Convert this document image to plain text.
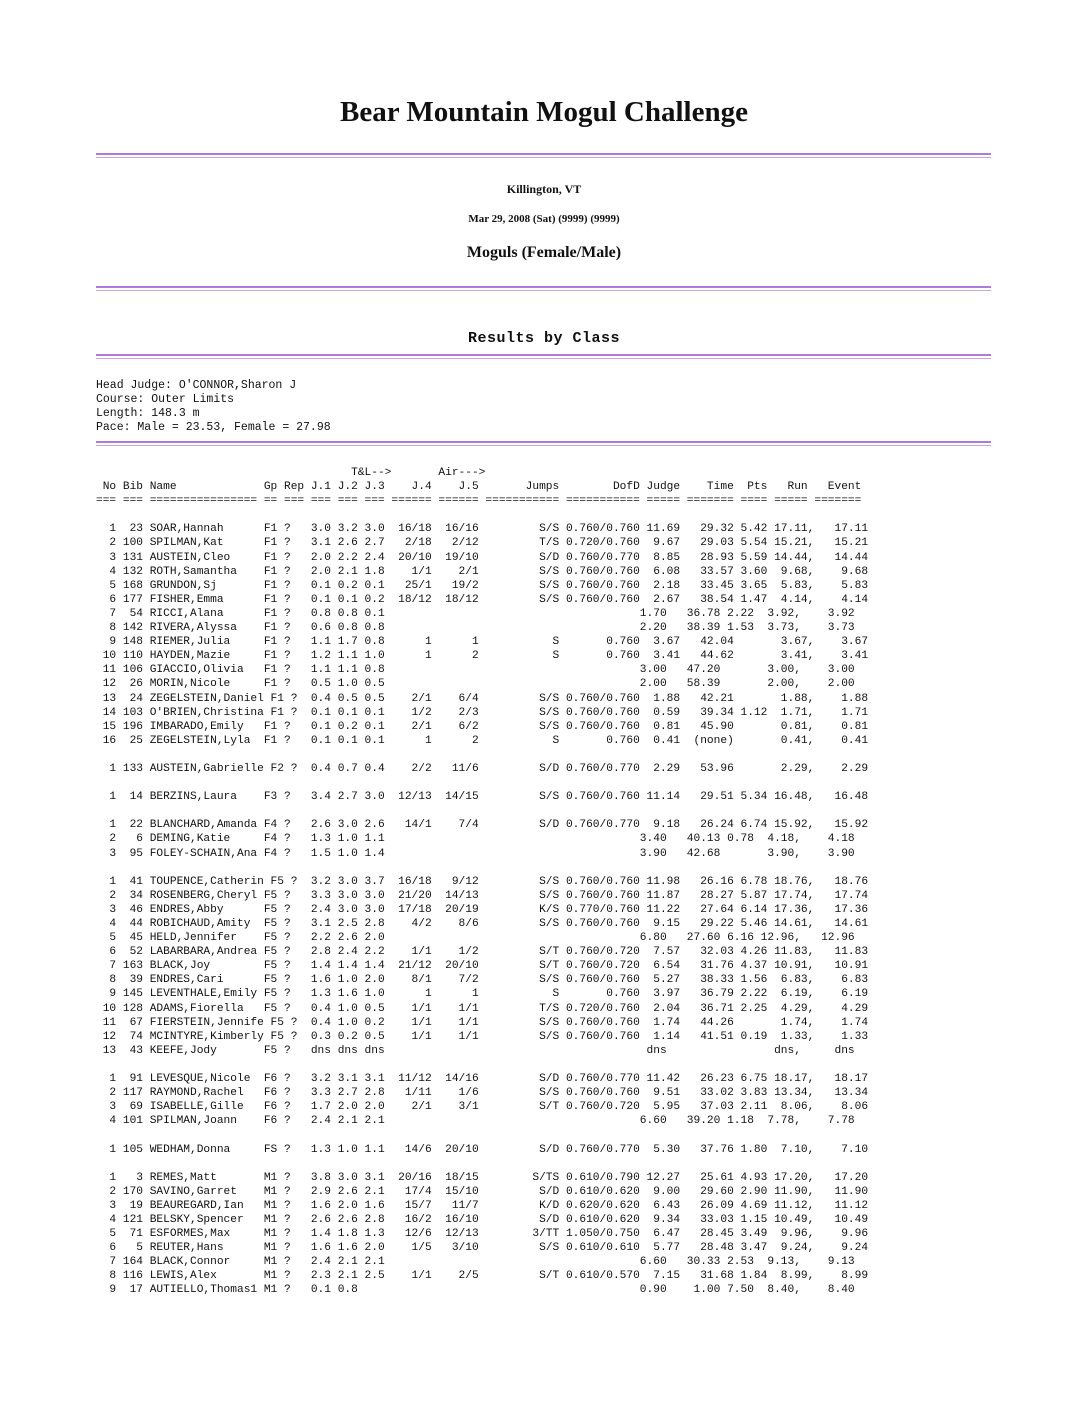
Bear Mountain Mogul Challenge
Killington, VT
Mar 29, 2008 (Sat) (9999) (9999)
Moguls (Female/Male)
Results by Class
Head Judge: O'CONNOR,Sharon J
Course: Outer Limits
Length: 148.3 m
Pace: Male = 23.53, Female = 27.98
T&L-->       Air--->
No Bib Name             Gp Rep J.1 J.2 J.3    J.4    J.5       Jumps        DofD Judge    Time  Pts   Run   Event
=== === ================ == === === === === ====== ====== =========== =========== ===== ======= ==== ===== =======
1  23 SOAR,Hannah      F1 ?   3.0 3.2 3.0  16/18  16/16         S/S 0.760/0.760 11.69   29.32 5.42 17.11,   17.11
2 100 SPILMAN,Kat      F1 ?   3.1 2.6 2.7   2/18   2/12         T/S 0.720/0.760  9.67   29.03 5.54 15.21,   15.21
3 131 AUSTEIN,Cleo     F1 ?   2.0 2.2 2.4  20/10  19/10         S/D 0.760/0.770  8.85   28.93 5.59 14.44,   14.44
4 132 ROTH,Samantha    F1 ?   2.0 2.1 1.8    1/1    2/1         S/S 0.760/0.760  6.08   33.57 3.60  9.68,    9.68
5 168 GRUNDON,Sj       F1 ?   0.1 0.2 0.1   25/1   19/2         S/S 0.760/0.760  2.18   33.45 3.65  5.83,    5.83
6 177 FISHER,Emma      F1 ?   0.1 0.1 0.2  18/12  18/12         S/S 0.760/0.760  2.67   38.54 1.47  4.14,    4.14
7  54 RICCI,Alana      F1 ?   0.8 0.8 0.1                                      1.70   36.78 2.22  3.92,    3.92
8 142 RIVERA,Alyssa    F1 ?   0.6 0.8 0.8                                      2.20   38.39 1.53  3.73,    3.73
9 148 RIEMER,Julia     F1 ?   1.1 1.7 0.8      1      1           S       0.760  3.67   42.04       3.67,    3.67
10 110 HAYDEN,Mazie     F1 ?   1.2 1.1 1.0      1      2           S       0.760  3.41   44.62       3.41,    3.41
11 106 GIACCIO,Olivia   F1 ?   1.1 1.1 0.8                                      3.00   47.20       3.00,    3.00
12  26 MORIN,Nicole     F1 ?   0.5 1.0 0.5                                      2.00   58.39       2.00,    2.00
13  24 ZEGELSTEIN,Daniel F1 ?  0.4 0.5 0.5    2/1    6/4         S/S 0.760/0.760  1.88   42.21       1.88,    1.88
14 103 O'BRIEN,Christina F1 ?  0.1 0.1 0.1    1/2    2/3         S/S 0.760/0.760  0.59   39.34 1.12  1.71,    1.71
15 196 IMBARADO,Emily   F1 ?   0.1 0.2 0.1    2/1    6/2         S/S 0.760/0.760  0.81   45.90       0.81,    0.81
16  25 ZEGELSTEIN,Lyla  F1 ?   0.1 0.1 0.1      1      2           S       0.760  0.41  (none)       0.41,    0.41
1 133 AUSTEIN,Gabrielle F2 ?  0.4 0.7 0.4    2/2   11/6         S/D 0.760/0.770  2.29   53.96       2.29,    2.29
1  14 BERZINS,Laura    F3 ?   3.4 2.7 3.0  12/13  14/15         S/S 0.760/0.760 11.14   29.51 5.34 16.48,   16.48
1  22 BLANCHARD,Amanda F4 ?   2.6 3.0 2.6   14/1    7/4         S/D 0.760/0.770  9.18   26.24 6.74 15.92,   15.92
2   6 DEMING,Katie     F4 ?   1.3 1.0 1.1                                      3.40   40.13 0.78  4.18,    4.18
3  95 FOLEY-SCHAIN,Ana F4 ?   1.5 1.0 1.4                                      3.90   42.68       3.90,    3.90
1  41 TOUPENCE,Catherin F5 ?  3.2 3.0 3.7  16/18   9/12         S/S 0.760/0.760 11.98   26.16 6.78 18.76,   18.76
2  34 ROSENBERG,Cheryl F5 ?   3.3 3.0 3.0  21/20  14/13         S/S 0.760/0.760 11.87   28.27 5.87 17.74,   17.74
3  46 ENDRES,Abby      F5 ?   2.4 3.0 3.0  17/18  20/19         K/S 0.770/0.760 11.22   27.64 6.14 17.36,   17.36
4  44 ROBICHAUD,Amity  F5 ?   3.1 2.5 2.8    4/2    8/6         S/S 0.760/0.760  9.15   29.22 5.46 14.61,   14.61
5  45 HELD,Jennifer    F5 ?   2.2 2.6 2.0                                      6.80   27.60 6.16 12.96,   12.96
6  52 LABARBARA,Andrea F5 ?   2.8 2.4 2.2    1/1    1/2         S/T 0.760/0.720  7.57   32.03 4.26 11.83,   11.83
7 163 BLACK,Joy        F5 ?   1.4 1.4 1.4  21/12  20/10         S/T 0.760/0.720  6.54   31.76 4.37 10.91,   10.91
8  39 ENDRES,Cari      F5 ?   1.6 1.0 2.0    8/1    7/2         S/S 0.760/0.760  5.27   38.33 1.56  6.83,    6.83
9 145 LEVENTHALE,Emily F5 ?   1.3 1.6 1.0      1      1           S       0.760  3.97   36.79 2.22  6.19,    6.19
10 128 ADAMS,Fiorella   F5 ?   0.4 1.0 0.5    1/1    1/1         T/S 0.720/0.760  2.04   36.71 2.25  4.29,    4.29
11  67 FIERSTEIN,Jennife F5 ?  0.4 1.0 0.2    1/1    1/1         S/S 0.760/0.760  1.74   44.26       1.74,    1.74
12  74 MCINTYRE,Kimberly F5 ?  0.3 0.2 0.5    1/1    1/1         S/S 0.760/0.760  1.14   41.51 0.19  1.33,    1.33
13  43 KEEFE,Jody       F5 ?   dns dns dns                                       dns                dns,     dns
1  91 LEVESQUE,Nicole  F6 ?   3.2 3.1 3.1  11/12  14/16         S/D 0.760/0.770 11.42   26.23 6.75 18.17,   18.17
2 117 RAYMOND,Rachel   F6 ?   3.3 2.7 2.8   1/11    1/6         S/S 0.760/0.760  9.51   33.02 3.83 13.34,   13.34
3  69 ISABELLE,Gille   F6 ?   1.7 2.0 2.0    2/1    3/1         S/T 0.760/0.720  5.95   37.03 2.11  8.06,    8.06
4 101 SPILMAN,Joann    F6 ?   2.4 2.1 2.1                                      6.60   39.20 1.18  7.78,    7.78
1 105 WEDHAM,Donna     FS ?   1.3 1.0 1.1   14/6  20/10         S/D 0.760/0.770  5.30   37.76 1.80  7.10,    7.10
1   3 REMES,Matt       M1 ?   3.8 3.0 3.1  20/16  18/15        S/TS 0.610/0.790 12.27   25.61 4.93 17.20,   17.20
2 170 SAVINO,Garret    M1 ?   2.9 2.6 2.1   17/4  15/10         S/D 0.610/0.620  9.00   29.60 2.90 11.90,   11.90
3  19 BEAUREGARD,Ian   M1 ?   1.6 2.0 1.6   15/7   11/7         K/D 0.620/0.620  6.43   26.09 4.69 11.12,   11.12
4 121 BELSKY,Spencer   M1 ?   2.6 2.6 2.8   16/2  16/10         S/D 0.610/0.620  9.34   33.03 1.15 10.49,   10.49
5  71 ESFORMES,Max     M1 ?   1.4 1.8 1.3   12/6  12/13        3/TT 1.050/0.750  6.47   28.45 3.49  9.96,    9.96
6   5 REUTER,Hans      M1 ?   1.6 1.6 2.0    1/5   3/10         S/S 0.610/0.610  5.77   28.48 3.47  9.24,    9.24
7 164 BLACK,Connor     M1 ?   2.4 2.1 2.1                                      6.60   30.33 2.53  9.13,    9.13
8 116 LEWIS,Alex       M1 ?   2.3 2.1 2.5    1/1    2/5         S/T 0.610/0.570  7.15   31.68 1.84  8.99,    8.99
9  17 AUTIELLO,Thomas1 M1 ?   0.1 0.8                                          0.90    1.00 7.50  8.40,    8.40
